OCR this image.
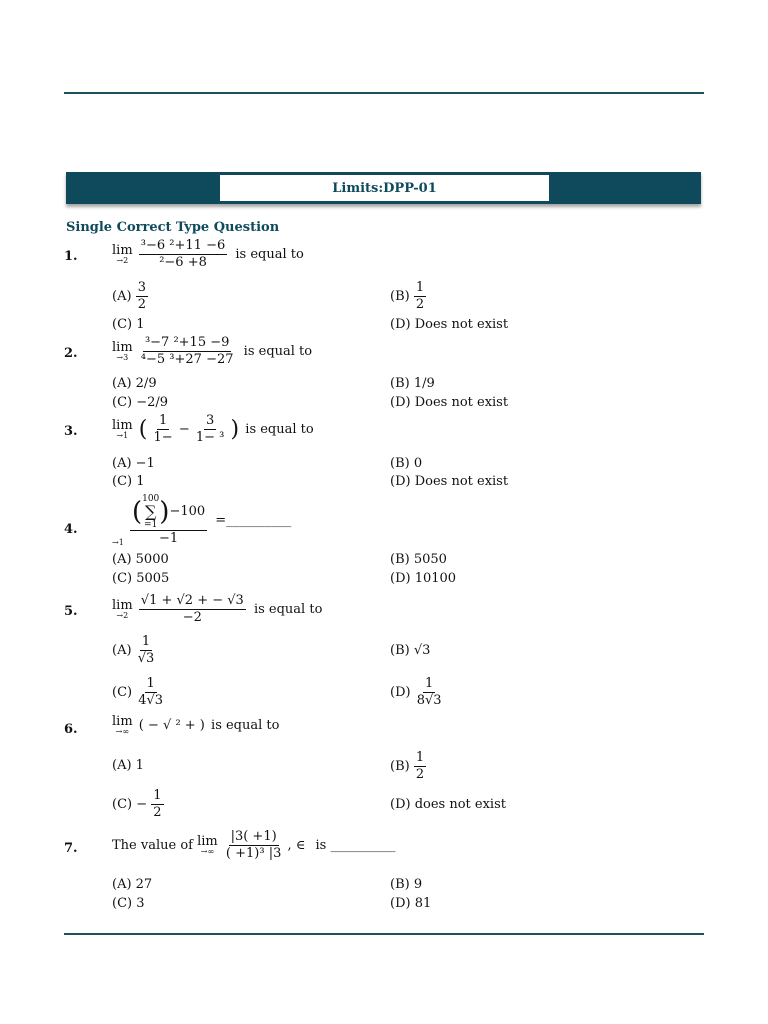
Limits:DPP-01
Single Correct Type Question
1.	lim
→2
$\frac{\text{³−6 ²+11 −6}}{\text{²−6 +8}}$ is equal to
$(A) \frac{3}{2}$	$(B) \frac{1}{2}$
(C) 1	(D) Does not exist
2.	lim
→3
$\frac{\text{³−7 ²+15 −9}}{\text{⁴−5 ³+27 −27}}$ is equal to
(A) 2/9	(B) 1/9
(C) −2/9	(D) Does not exist
3.	lim
→1 ( $\frac{1}{1-} - \frac{3}{\text{1− ³}}$ ) is equal to
(A) −1	(B) 0
(C) 1	(D) Does not exist
4.
→1

( 100
∑
=1 ) −100
−1
=__________
(A) 5000	(B) 5050
(C) 5005	(D) 10100
5.	lim
→2
$\frac{√1 + √2 + - √3}{-2}$ is equal to
$(A) \frac{1}{√3}$	(B) √3
$(C) \frac{1}{4√3}$	$(D) \frac{1}{8√3}$
6.
lim
→∞ ( − √ ² + ) is equal to
(A) 1	$(B) \frac{1}{2}$
$(C) - \frac{1}{2}$	(D) does not exist
7.	The value of lim
→∞
$\frac{|3( +1)}{\text{( +1)³ |3}}$ , ∈ is __________
(A) 27	(B) 9
(C) 3	(D) 81
